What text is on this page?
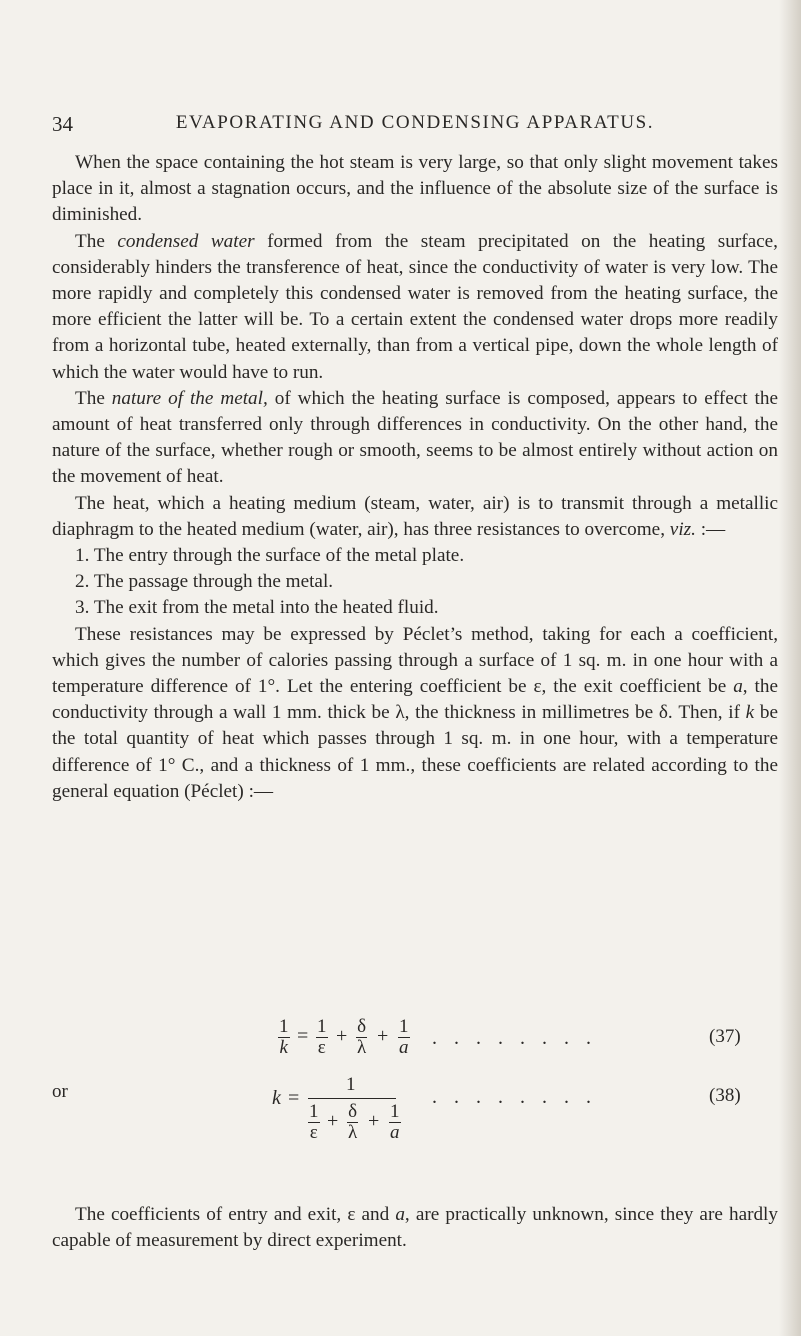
34	EVAPORATING AND CONDENSING APPARATUS.

When the space containing the hot steam is very large, so that only slight movement takes place in it, almost a stagnation occurs, and the influence of the absolute size of the surface is diminished.

The condensed water formed from the steam precipitated on the heating surface, considerably hinders the transference of heat, since the conductivity of water is very low. The more rapidly and completely this condensed water is removed from the heating surface, the more efficient the latter will be. To a certain extent the condensed water drops more readily from a horizontal tube, heated externally, than from a vertical pipe, down the whole length of which the water would have to run.

The nature of the metal, of which the heating surface is composed, appears to effect the amount of heat transferred only through differences in conductivity. On the other hand, the nature of the surface, whether rough or smooth, seems to be almost entirely without action on the movement of heat.

The heat, which a heating medium (steam, water, air) is to transmit through a metallic diaphragm to the heated medium (water, air), has three resistances to overcome, viz. :—

1. The entry through the surface of the metal plate.

2. The passage through the metal.

3. The exit from the metal into the heated fluid.

These resistances may be expressed by Péclet’s method, taking for each a coefficient, which gives the number of calories passing through a surface of 1 sq. m. in one hour with a temperature difference of 1°. Let the entering coefficient be ε, the exit coefficient be a, the conductivity through a wall 1 mm. thick be λ, the thickness in millimetres be δ. Then, if k be the total quantity of heat which passes through 1 sq. m. in one hour, with a temperature difference of 1° C., and a thickness of 1 mm., these coefficients are related according to the general equation (Péclet) :—

$\frac{1}{k} = \frac{1}{\varepsilon} + \frac{\delta}{\lambda} + \frac{1}{a}$ . . . . . . . .	(37)
or	k =
1
$\frac{1}{\varepsilon} + \frac{\delta}{\lambda} + \frac{1}{a}$
. . . . . . . .	(38)

The coefficients of entry and exit, ε and a, are practically unknown, since they are hardly capable of measurement by direct experiment.
